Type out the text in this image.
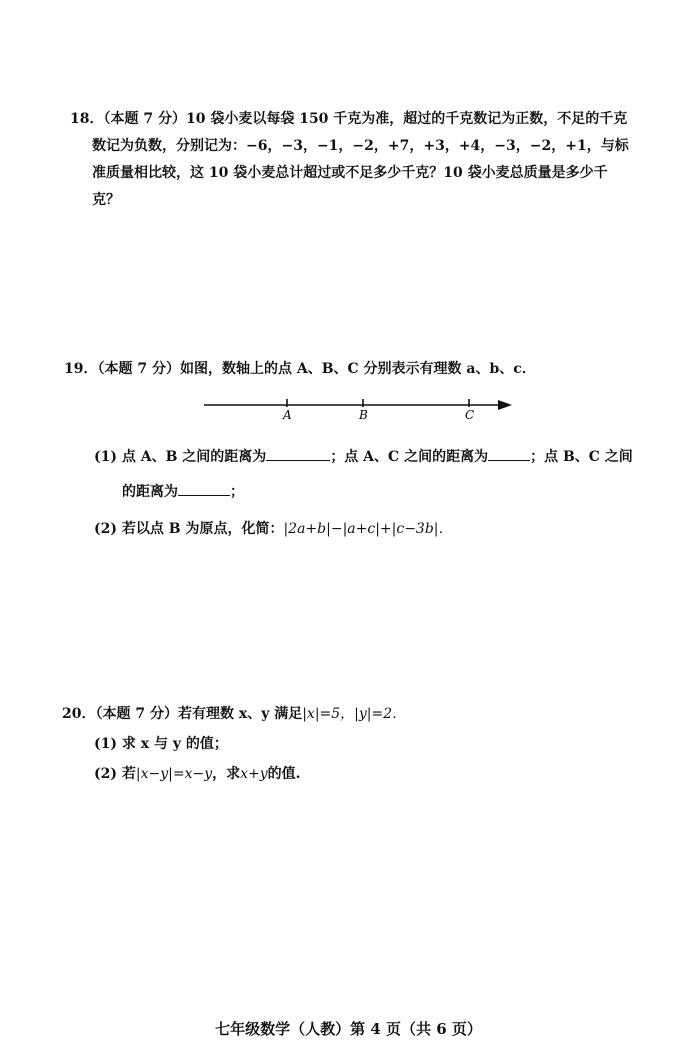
18．（本题 7 分）10 袋小麦以每袋 150 千克为准，超过的千克数记为正数，不足的千克
数记为负数，分别记为：−6，−3，−1，−2，+7，+3，+4，−3，−2，+1，与标
准质量相比较，这 10 袋小麦总计超过或不足多少千克？10 袋小麦总质量是多少千
克？
19．（本题 7 分）如图，数轴上的点 A、B、C 分别表示有理数 a、b、c．
A	B	C
(1) 点 A、B 之间的距离为	；点 A、C 之间的距离为	；点 B、C 之间
的距离为	；
(2) 若以点 B 为原点，化简：|2a+b|−|a+c|+|c−3b|．
20．（本题 7 分）若有理数 x、y 满足|x|=5，|y|=2．
(1) 求 x 与 y 的值；
(2) 若|x−y|=x−y，求x+y的值.
七年级数学（人教）第 4 页（共 6 页）
